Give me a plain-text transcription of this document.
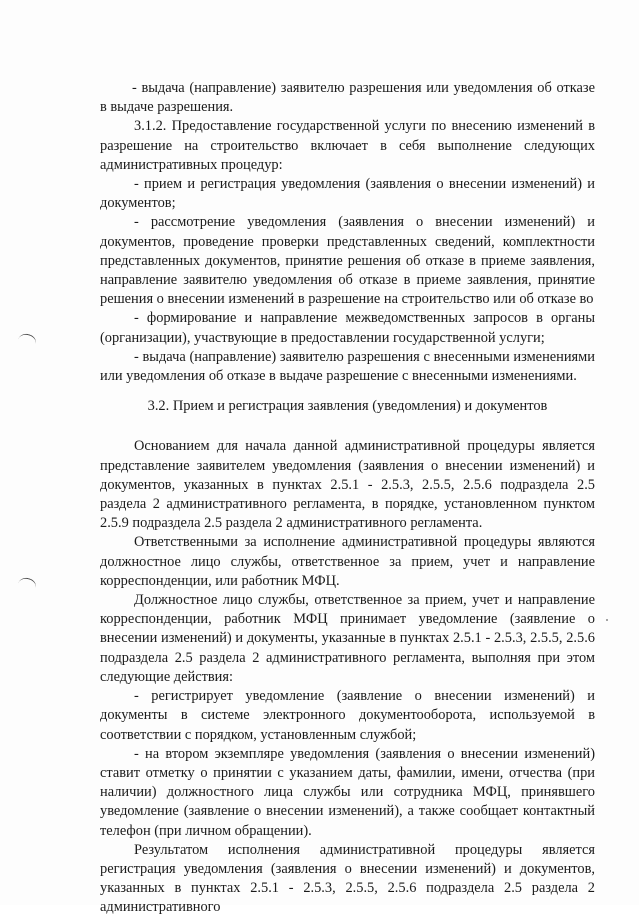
- выдача (направление) заявителю разрешения или уведомления об отказе в выдаче разрешения.

3.1.2. Предоставление государственной услуги по внесению изменений в разрешение на строительство включает в себя выполнение следующих административных процедур:

- прием и регистрация уведомления (заявления о внесении изменений) и документов;

- рассмотрение уведомления (заявления о внесении изменений) и документов, проведение проверки представленных сведений, комплектности представленных документов, принятие решения об отказе в приеме заявления, направление заявителю уведомления об отказе в приеме заявления, принятие решения о внесении изменений в разрешение на строительство или об отказе во

- формирование и направление межведомственных запросов в органы (организации), участвующие в предоставлении государственной услуги;

- выдача (направление) заявителю разрешения с внесенными изменениями или уведомления об отказе в выдаче разрешение с внесенными изменениями.

3.2. Прием и регистрация заявления (уведомления) и документов

Основанием для начала данной административной процедуры является представление заявителем уведомления (заявления о внесении изменений) и документов, указанных в пунктах 2.5.1 - 2.5.3, 2.5.5, 2.5.6 подраздела 2.5 раздела 2 административного регламента, в порядке, установленном пунктом 2.5.9 подраздела 2.5 раздела 2 административного регламента.

Ответственными за исполнение административной процедуры являются должностное лицо службы, ответственное за прием, учет и направление корреспонденции, или работник МФЦ.

Должностное лицо службы, ответственное за прием, учет и направление корреспонденции, работник МФЦ принимает уведомление (заявление о внесении изменений) и документы, указанные в пунктах 2.5.1 - 2.5.3, 2.5.5, 2.5.6 подраздела 2.5 раздела 2 административного регламента, выполняя при этом следующие действия:

- регистрирует уведомление (заявление о внесении изменений) и документы в системе электронного документооборота, используемой в соответствии с порядком, установленным службой;

- на втором экземпляре уведомления (заявления о внесении изменений) ставит отметку о принятии с указанием даты, фамилии, имени, отчества (при наличии) должностного лица службы или сотрудника МФЦ, принявшего уведомление (заявление о внесении изменений), а также сообщает контактный телефон (при личном обращении).

Результатом исполнения административной процедуры является регистрация уведомления (заявления о внесении изменений) и документов, указанных в пунктах 2.5.1 - 2.5.3, 2.5.5, 2.5.6 подраздела 2.5 раздела 2 административного
